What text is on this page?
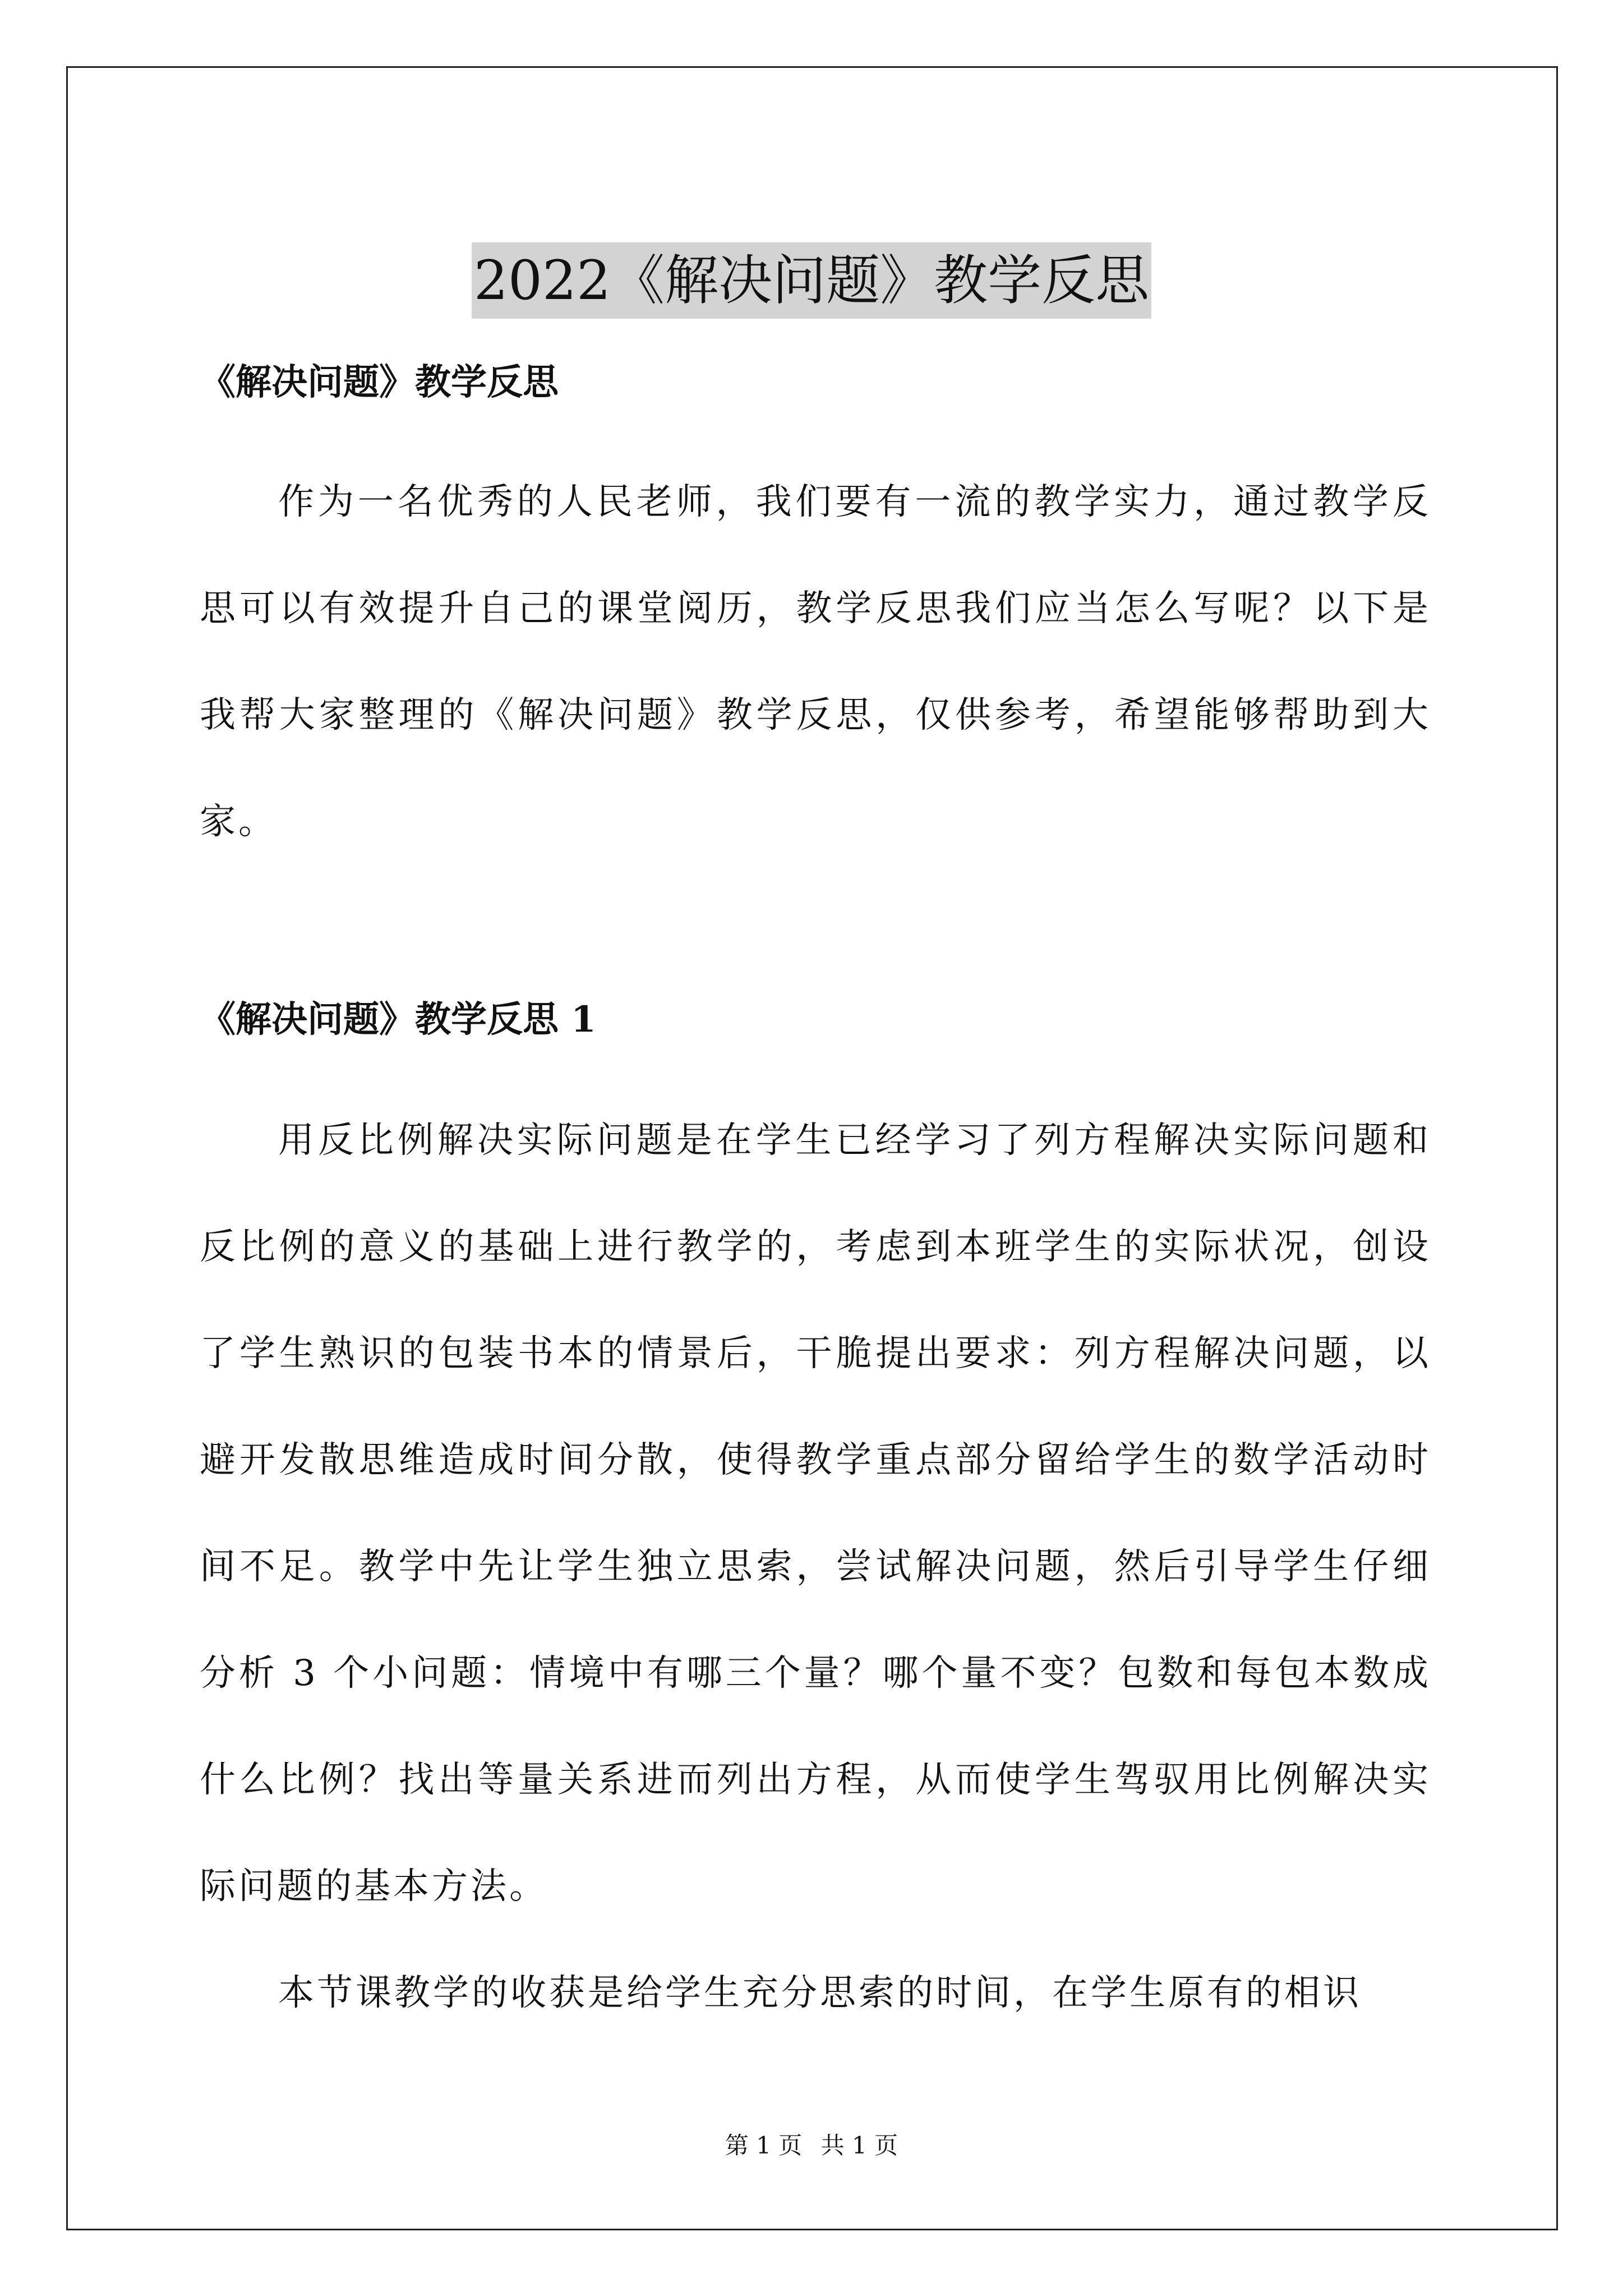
2022《解决问题》教学反思
《解决问题》教学反思

作为一名优秀的人民老师，我们要有一流的教学实力，通过教学反思可以有效提升自己的课堂阅历，教学反思我们应当怎么写呢？以下是我帮大家整理的《解决问题》教学反思，仅供参考，希望能够帮助到大家。

《解决问题》教学反思 1

用反比例解决实际问题是在学生已经学习了列方程解决实际问题和反比例的意义的基础上进行教学的，考虑到本班学生的实际状况，创设了学生熟识的包装书本的情景后，干脆提出要求：列方程解决问题，以避开发散思维造成时间分散，使得教学重点部分留给学生的数学活动时间不足。教学中先让学生独立思索，尝试解决问题，然后引导学生仔细分析 3 个小问题：情境中有哪三个量？哪个量不变？包数和每包本数成什么比例？找出等量关系进而列出方程，从而使学生驾驭用比例解决实际问题的基本方法。

本节课教学的收获是给学生充分思索的时间，在学生原有的相识

第 1 页 共 1 页
